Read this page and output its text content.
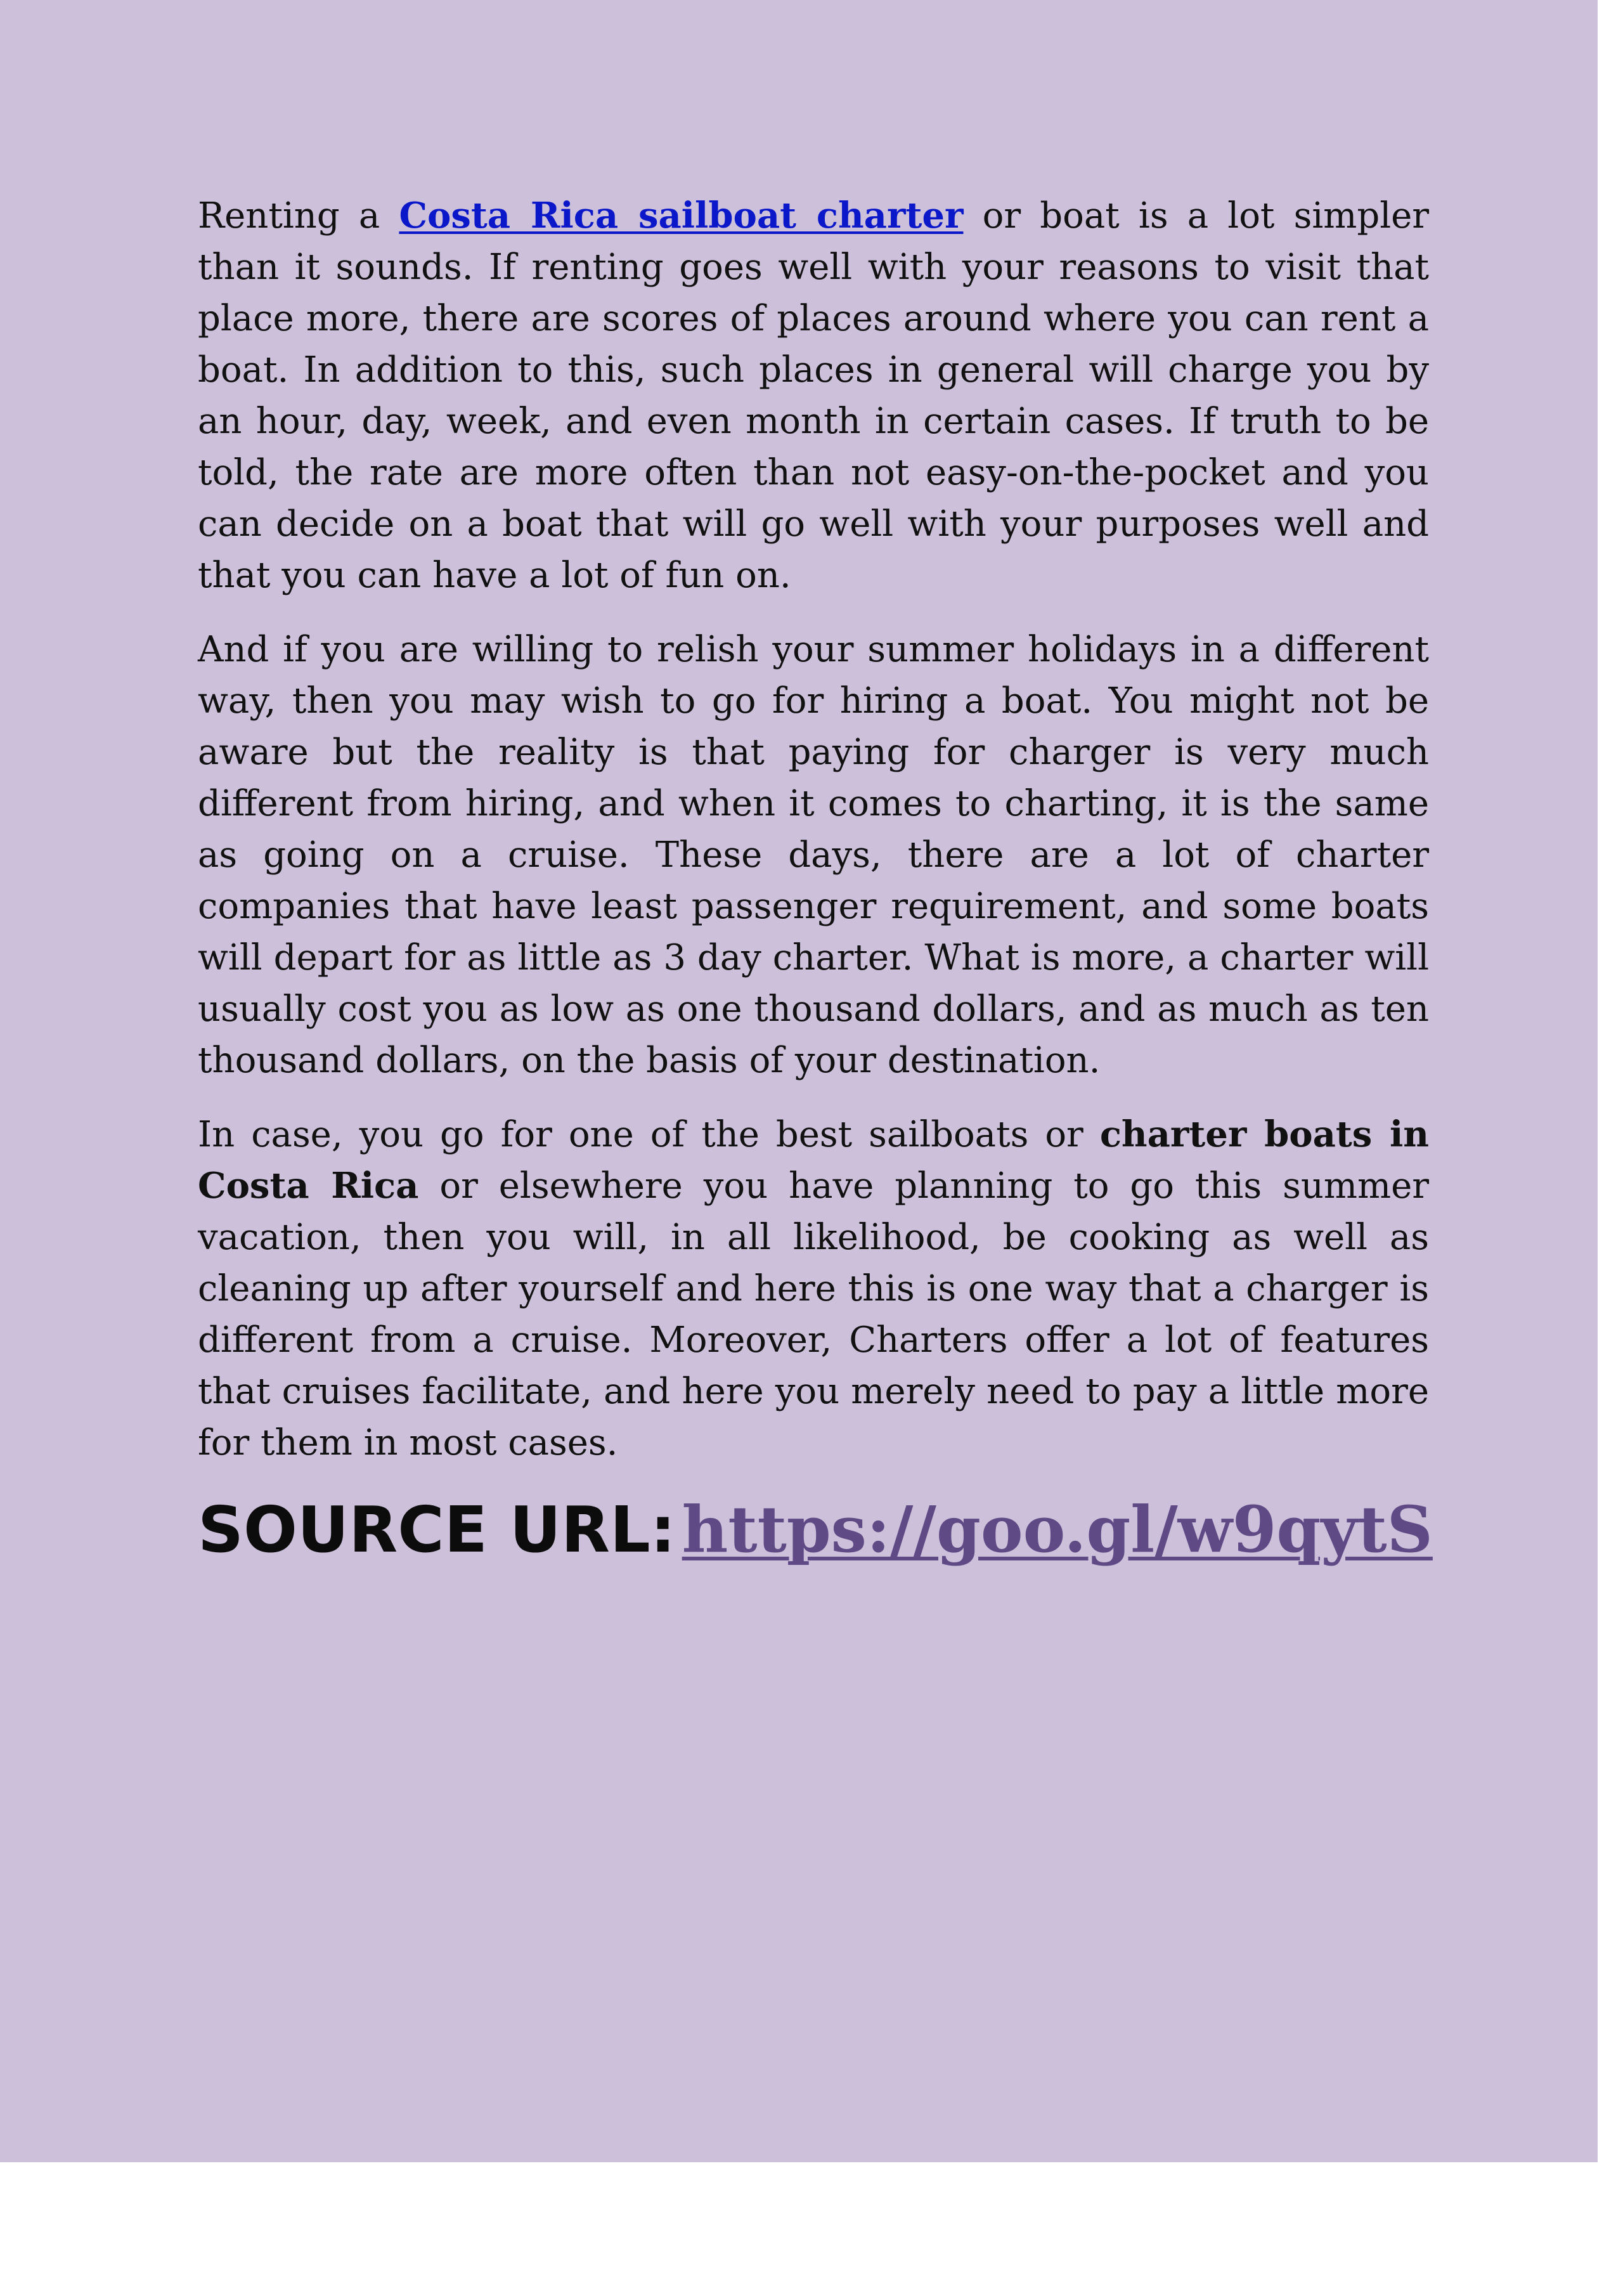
Renting a Costa Rica sailboat charter or boat is a lot simpler than it sounds. If renting goes well with your reasons to visit that place more, there are scores of places around where you can rent a boat. In addition to this, such places in general will charge you by an hour, day, week, and even month in certain cases. If truth to be told, the rate are more often than not easy-on-the-pocket and you can decide on a boat that will go well with your purposes well and that you can have a lot of fun on.

And if you are willing to relish your summer holidays in a different way, then you may wish to go for hiring a boat. You might not be aware but the reality is that paying for charger is very much different from hiring, and when it comes to charting, it is the same as going on a cruise. These days, there are a lot of charter companies that have least passenger requirement, and some boats will depart for as little as 3 day charter. What is more, a charter will usually cost you as low as one thousand dollars, and as much as ten thousand dollars, on the basis of your destination.

In case, you go for one of the best sailboats or charter boats in Costa Rica or elsewhere you have planning to go this summer vacation, then you will, in all likelihood, be cooking as well as cleaning up after yourself and here this is one way that a charger is different from a cruise. Moreover, Charters offer a lot of features that cruises facilitate, and here you merely need to pay a little more for them in most cases.

SOURCE URL: https://goo.gl/w9qytS
